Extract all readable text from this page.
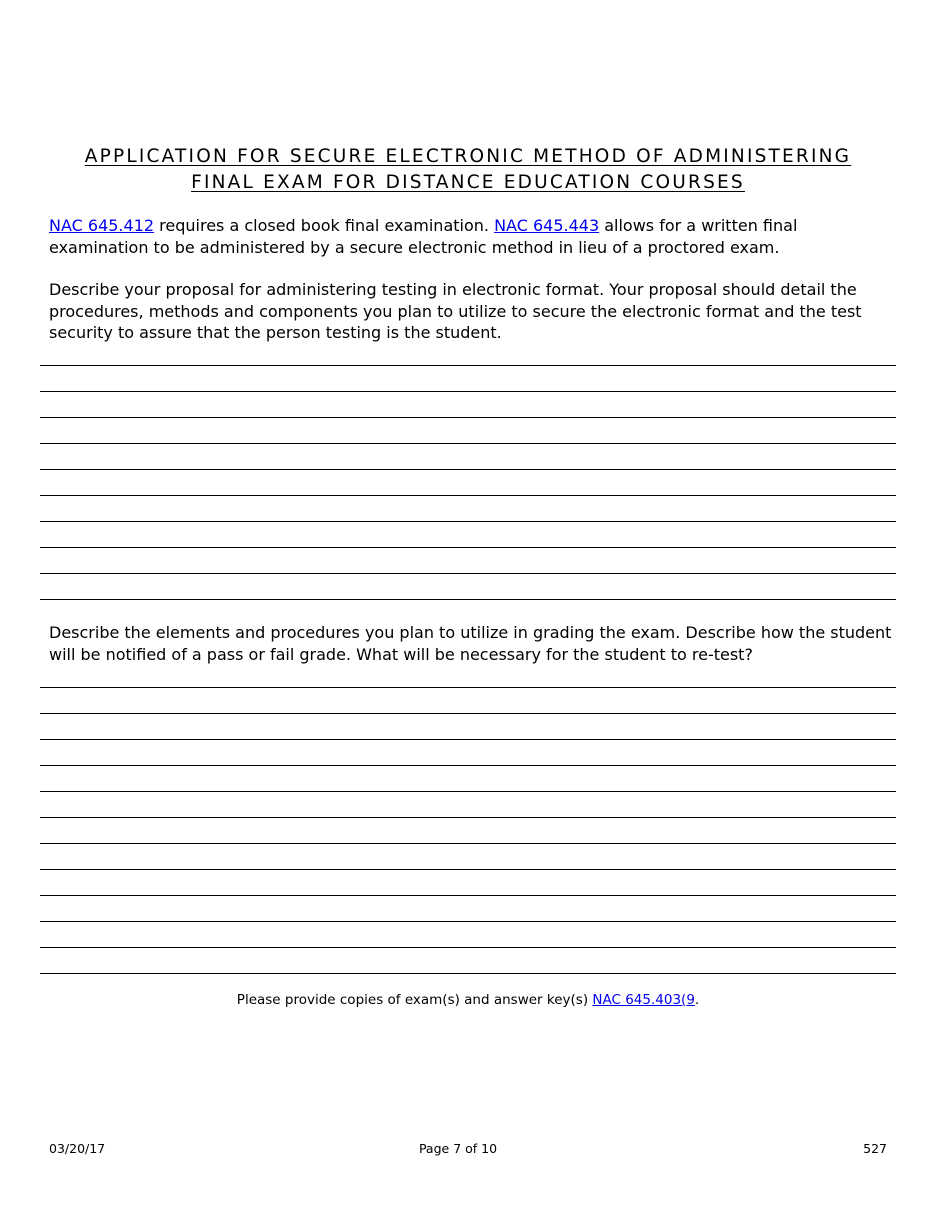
APPLICATION FOR SECURE ELECTRONIC METHOD OF ADMINISTERING
FINAL EXAM FOR DISTANCE EDUCATION COURSES
NAC 645.412 requires a closed book final examination. NAC 645.443 allows for a written final examination to be administered by a secure electronic method in lieu of a proctored exam.
Describe your proposal for administering testing in electronic format. Your proposal should detail the procedures, methods and components you plan to utilize to secure the electronic format and the test security to assure that the person testing is the student.
Describe the elements and procedures you plan to utilize in grading the exam. Describe how the student will be notified of a pass or fail grade. What will be necessary for the student to re-test?
Please provide copies of exam(s) and answer key(s) NAC 645.403(9.
03/20/17	Page 7 of 10	527
